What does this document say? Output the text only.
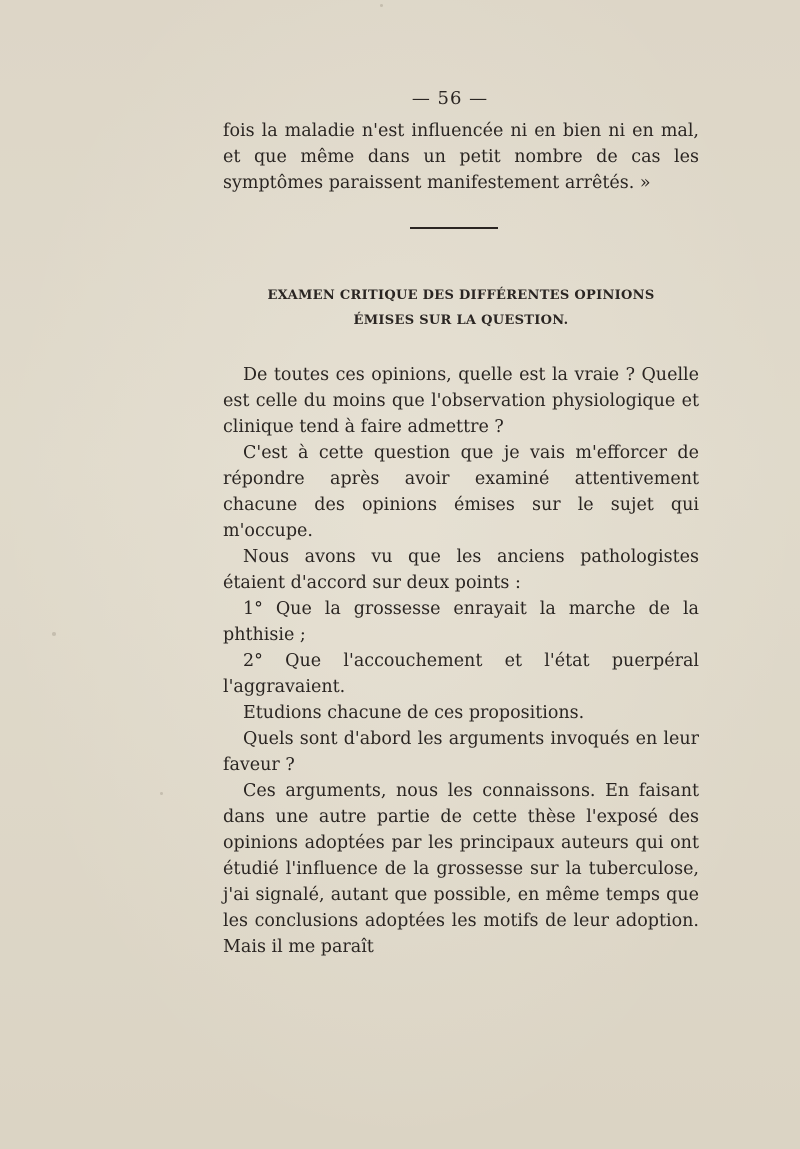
— 56 —
fois la maladie n'est influencée ni en bien ni en mal, et que même dans un petit nombre de cas les symptômes paraissent manifestement arrêtés. »
EXAMEN CRITIQUE DES DIFFÉRENTES OPINIONS
ÉMISES SUR LA QUESTION.

De toutes ces opinions, quelle est la vraie ? Quelle est celle du moins que l'observation physiologique et clinique tend à faire admettre ?

C'est à cette question que je vais m'efforcer de répondre après avoir examiné attentivement chacune des opinions émises sur le sujet qui m'occupe.

Nous avons vu que les anciens pathologistes étaient d'accord sur deux points :

1° Que la grossesse enrayait la marche de la phthisie ;

2° Que l'accouchement et l'état puerpéral l'aggravaient.

Etudions chacune de ces propositions.

Quels sont d'abord les arguments invoqués en leur faveur ?

Ces arguments, nous les connaissons. En faisant dans une autre partie de cette thèse l'exposé des opinions adoptées par les principaux auteurs qui ont étudié l'influence de la grossesse sur la tuberculose, j'ai signalé, autant que possible, en même temps que les conclusions adoptées les motifs de leur adoption. Mais il me paraît
